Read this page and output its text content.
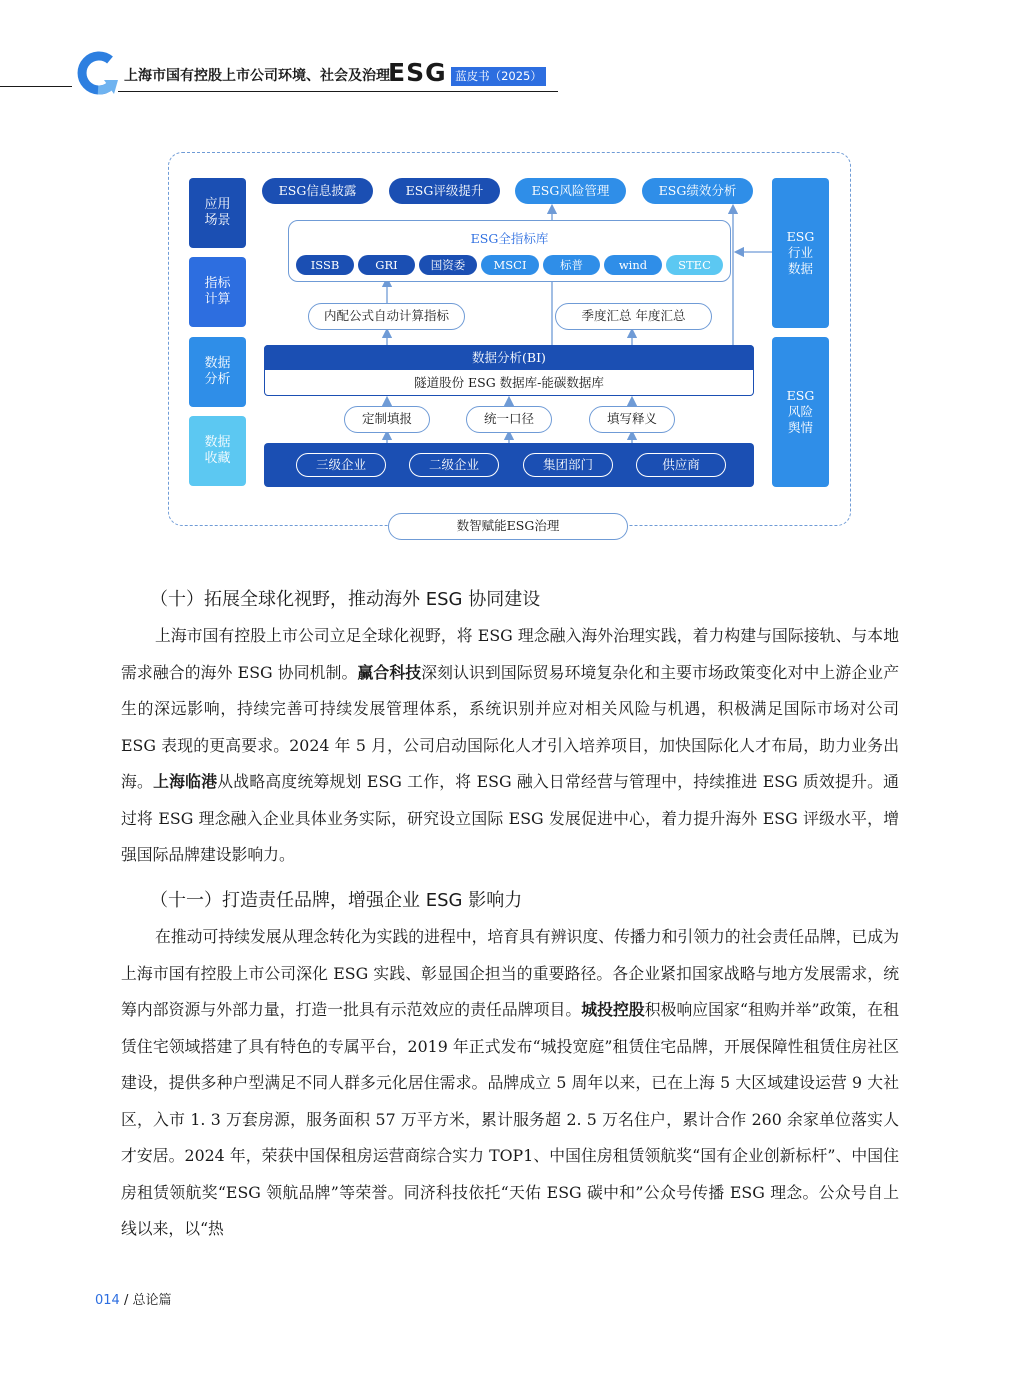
上海市国有控股上市公司环境、社会及治理
ESG 蓝皮书（2025）
应用
场景
指标
计算
数据
分析
数据
收藏
ESG信息披露	ESG评级提升	ESG风险管理	ESG绩效分析
ESG全指标库
ISSB	GRI	国资委	MSCI	标普	wind	STEC
内配公式自动计算指标	季度汇总 年度汇总
数据分析(BI)
隧道股份 ESG 数据库-能碳数据库
定制填报	统一口径	填写释义
三级企业	二级企业	集团部门	供应商
ESG
行业
数据
ESG
风险
舆情
数智赋能ESG治理
（十）拓展全球化视野，推动海外 ESG 协同建设

上海市国有控股上市公司立足全球化视野，将 ESG 理念融入海外治理实践，着力构建与国际接轨、与本地需求融合的海外 ESG 协同机制。赢合科技深刻认识到国际贸易环境复杂化和主要市场政策变化对中上游企业产生的深远影响，持续完善可持续发展管理体系，系统识别并应对相关风险与机遇，积极满足国际市场对公司 ESG 表现的更高要求。2024 年 5 月，公司启动国际化人才引入培养项目，加快国际化人才布局，助力业务出海。上海临港从战略高度统筹规划 ESG 工作，将 ESG 融入日常经营与管理中，持续推进 ESG 质效提升。通过将 ESG 理念融入企业具体业务实际，研究设立国际 ESG 发展促进中心，着力提升海外 ESG 评级水平，增强国际品牌建设影响力。

（十一）打造责任品牌，增强企业 ESG 影响力

在推动可持续发展从理念转化为实践的进程中，培育具有辨识度、传播力和引领力的社会责任品牌，已成为上海市国有控股上市公司深化 ESG 实践、彰显国企担当的重要路径。各企业紧扣国家战略与地方发展需求，统筹内部资源与外部力量，打造一批具有示范效应的责任品牌项目。城投控股积极响应国家“租购并举”政策，在租赁住宅领域搭建了具有特色的专属平台，2019 年正式发布“城投宽庭”租赁住宅品牌，开展保障性租赁住房社区建设，提供多种户型满足不同人群多元化居住需求。品牌成立 5 周年以来，已在上海 5 大区域建设运营 9 大社区，入市 1. 3 万套房源，服务面积 57 万平方米，累计服务超 2. 5 万名住户，累计合作 260 余家单位落实人才安居。2024 年，荣获中国保租房运营商综合实力 TOP1、中国住房租赁领航奖“国有企业创新标杆”、中国住房租赁领航奖“ESG 领航品牌”等荣誉。同济科技依托“天佑 ESG 碳中和”公众号传播 ESG 理念。公众号自上线以来，以“热

014 / 总论篇
